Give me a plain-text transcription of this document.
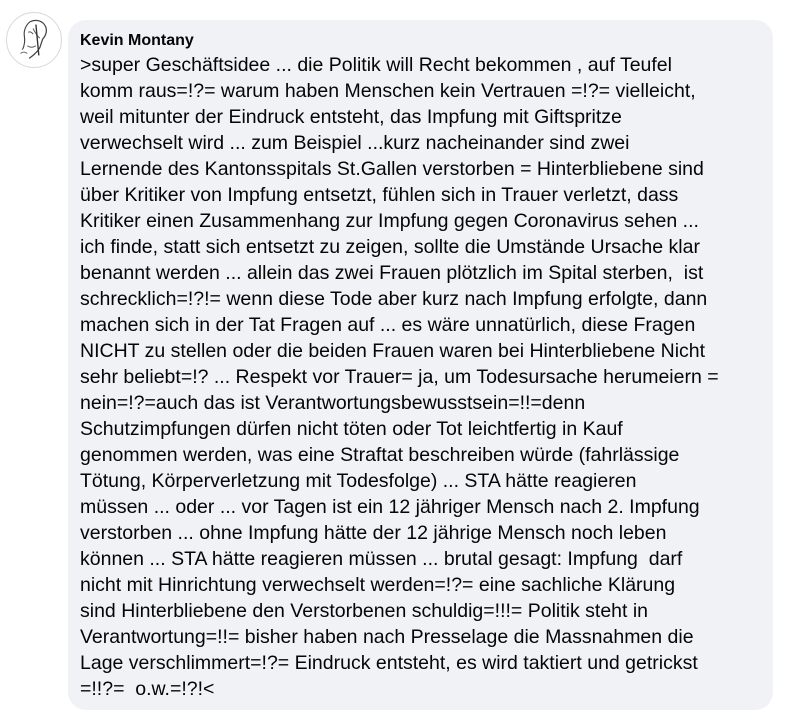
Kevin Montany
>super Geschäftsidee ... die Politik will Recht bekommen , auf Teufel
komm raus=!?= warum haben Menschen kein Vertrauen =!?= vielleicht,
weil mitunter der Eindruck entsteht, das Impfung mit Giftspritze
verwechselt wird ... zum Beispiel ...kurz nacheinander sind zwei
Lernende des Kantonsspitals St.Gallen verstorben = Hinterbliebene sind
über Kritiker von Impfung entsetzt, fühlen sich in Trauer verletzt, dass
Kritiker einen Zusammenhang zur Impfung gegen Coronavirus sehen ...
ich finde, statt sich entsetzt zu zeigen, sollte die Umstände Ursache klar
benannt werden ... allein das zwei Frauen plötzlich im Spital sterben,  ist
schrecklich=!?!= wenn diese Tode aber kurz nach Impfung erfolgte, dann
machen sich in der Tat Fragen auf ... es wäre unnatürlich, diese Fragen
NICHT zu stellen oder die beiden Frauen waren bei Hinterbliebene Nicht
sehr beliebt=!? ... Respekt vor Trauer= ja, um Todesursache herumeiern =
nein=!?=auch das ist Verantwortungsbewusstsein=!!=denn
Schutzimpfungen dürfen nicht töten oder Tot leichtfertig in Kauf
genommen werden, was eine Straftat beschreiben würde (fahrlässige
Tötung, Körperverletzung mit Todesfolge) ... STA hätte reagieren
müssen ... oder ... vor Tagen ist ein 12 jähriger Mensch nach 2. Impfung
verstorben ... ohne Impfung hätte der 12 jährige Mensch noch leben
können ... STA hätte reagieren müssen ... brutal gesagt: Impfung  darf
nicht mit Hinrichtung verwechselt werden=!?= eine sachliche Klärung
sind Hinterbliebene den Verstorbenen schuldig=!!!= Politik steht in
Verantwortung=!!= bisher haben nach Presselage die Massnahmen die
Lage verschlimmert=!?= Eindruck entsteht, es wird taktiert und getrickst
=!!?=  o.w.=!?!<
